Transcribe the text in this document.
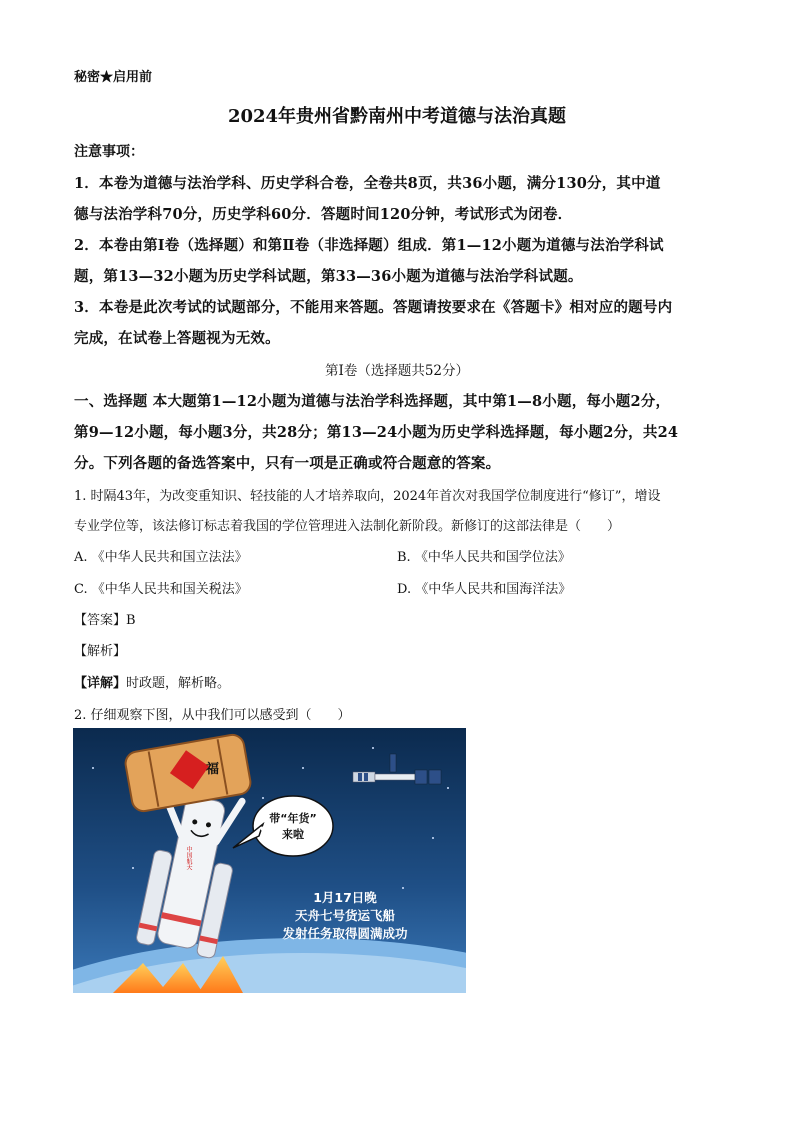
秘密★启用前
2024年贵州省黔南州中考道德与法治真题
注意事项：
1．本卷为道德与法治学科、历史学科合卷，全卷共8页，共36小题，满分130分，其中道
德与法治学科70分，历史学科60分．答题时间120分钟，考试形式为闭卷．
2．本卷由第Ⅰ卷（选择题）和第Ⅱ卷（非选择题）组成．第1—12小题为道德与法治学科试
题，第13—32小题为历史学科试题，第33—36小题为道德与法治学科试题。
3．本卷是此次考试的试题部分，不能用来答题。答题请按要求在《答题卡》相对应的题号内
完成，在试卷上答题视为无效。
第Ⅰ卷（选择题共52分）
一、选择题 本大题第1—12小题为道德与法治学科选择题，其中第1—8小题，每小题2分，
第9—12小题，每小题3分，共28分；第13—24小题为历史学科选择题，每小题2分，共24
分。下列各题的备选答案中，只有一项是正确或符合题意的答案。
1. 时隔43年，为改变重知识、轻技能的人才培养取向，2024年首次对我国学位制度进行“修订”，增设
专业学位等，该法修订标志着我国的学位管理进入法制化新阶段。新修订的这部法律是（　　）
A. 《中华人民共和国立法法》	B. 《中华人民共和国学位法》
C. 《中华人民共和国关税法》	D. 《中华人民共和国海洋法》
【答案】B
【解析】
【详解】时政题，解析略。
2. 仔细观察下图，从中我们可以感受到（　　）
福
中国航天
带“年货”
来啦
1月17日晚
天舟七号货运飞船
发射任务取得圆满成功
